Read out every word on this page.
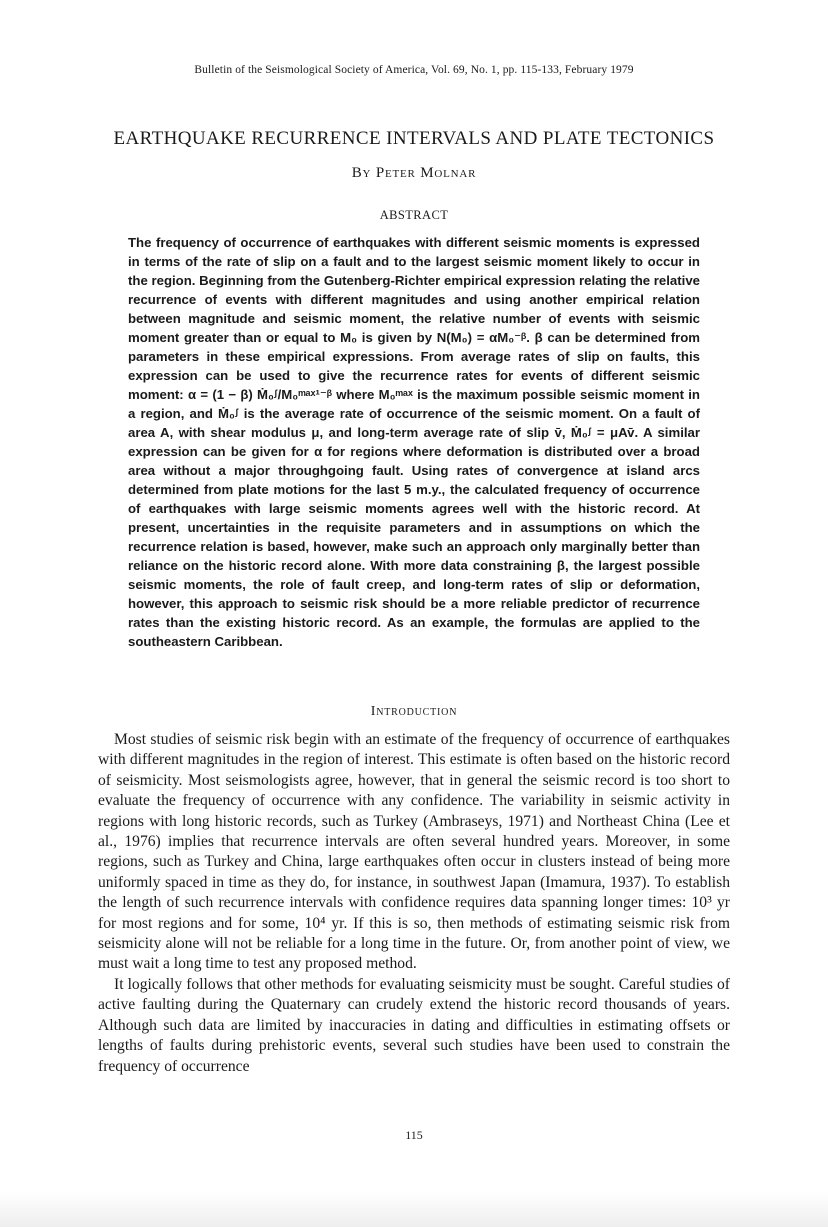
Bulletin of the Seismological Society of America, Vol. 69, No. 1, pp. 115-133, February 1979
EARTHQUAKE RECURRENCE INTERVALS AND PLATE TECTONICS
By Peter Molnar
ABSTRACT

The frequency of occurrence of earthquakes with different seismic moments is expressed in terms of the rate of slip on a fault and to the largest seismic moment likely to occur in the region. Beginning from the Gutenberg-Richter empirical expression relating the relative recurrence of events with different magnitudes and using another empirical relation between magnitude and seismic moment, the relative number of events with seismic moment greater than or equal to M₀ is given by N(M₀) = αM₀⁻ᵝ. β can be determined from parameters in these empirical expressions. From average rates of slip on faults, this expression can be used to give the recurrence rates for events of different seismic moment: α = (1 − β) Ṁ₀ᶴ/M₀ᵐᵃˣ¹⁻ᵝ where M₀ᵐᵃˣ is the maximum possible seismic moment in a region, and Ṁ₀ᶴ is the average rate of occurrence of the seismic moment. On a fault of area A, with shear modulus μ, and long-term average rate of slip v̄, Ṁ₀ᶴ = μAv̄. A similar expression can be given for α for regions where deformation is distributed over a broad area without a major throughgoing fault. Using rates of convergence at island arcs determined from plate motions for the last 5 m.y., the calculated frequency of occurrence of earthquakes with large seismic moments agrees well with the historic record. At present, uncertainties in the requisite parameters and in assumptions on which the recurrence relation is based, however, make such an approach only marginally better than reliance on the historic record alone. With more data constraining β, the largest possible seismic moments, the role of fault creep, and long-term rates of slip or deformation, however, this approach to seismic risk should be a more reliable predictor of recurrence rates than the existing historic record. As an example, the formulas are applied to the southeastern Caribbean.

Introduction

Most studies of seismic risk begin with an estimate of the frequency of occurrence of earthquakes with different magnitudes in the region of interest. This estimate is often based on the historic record of seismicity. Most seismologists agree, however, that in general the seismic record is too short to evaluate the frequency of occurrence with any confidence. The variability in seismic activity in regions with long historic records, such as Turkey (Ambraseys, 1971) and Northeast China (Lee et al., 1976) implies that recurrence intervals are often several hundred years. Moreover, in some regions, such as Turkey and China, large earthquakes often occur in clusters instead of being more uniformly spaced in time as they do, for instance, in southwest Japan (Imamura, 1937). To establish the length of such recurrence intervals with confidence requires data spanning longer times: 10³ yr for most regions and for some, 10⁴ yr. If this is so, then methods of estimating seismic risk from seismicity alone will not be reliable for a long time in the future. Or, from another point of view, we must wait a long time to test any proposed method.

It logically follows that other methods for evaluating seismicity must be sought. Careful studies of active faulting during the Quaternary can crudely extend the historic record thousands of years. Although such data are limited by inaccuracies in dating and difficulties in estimating offsets or lengths of faults during prehistoric events, several such studies have been used to constrain the frequency of occurrence

115
